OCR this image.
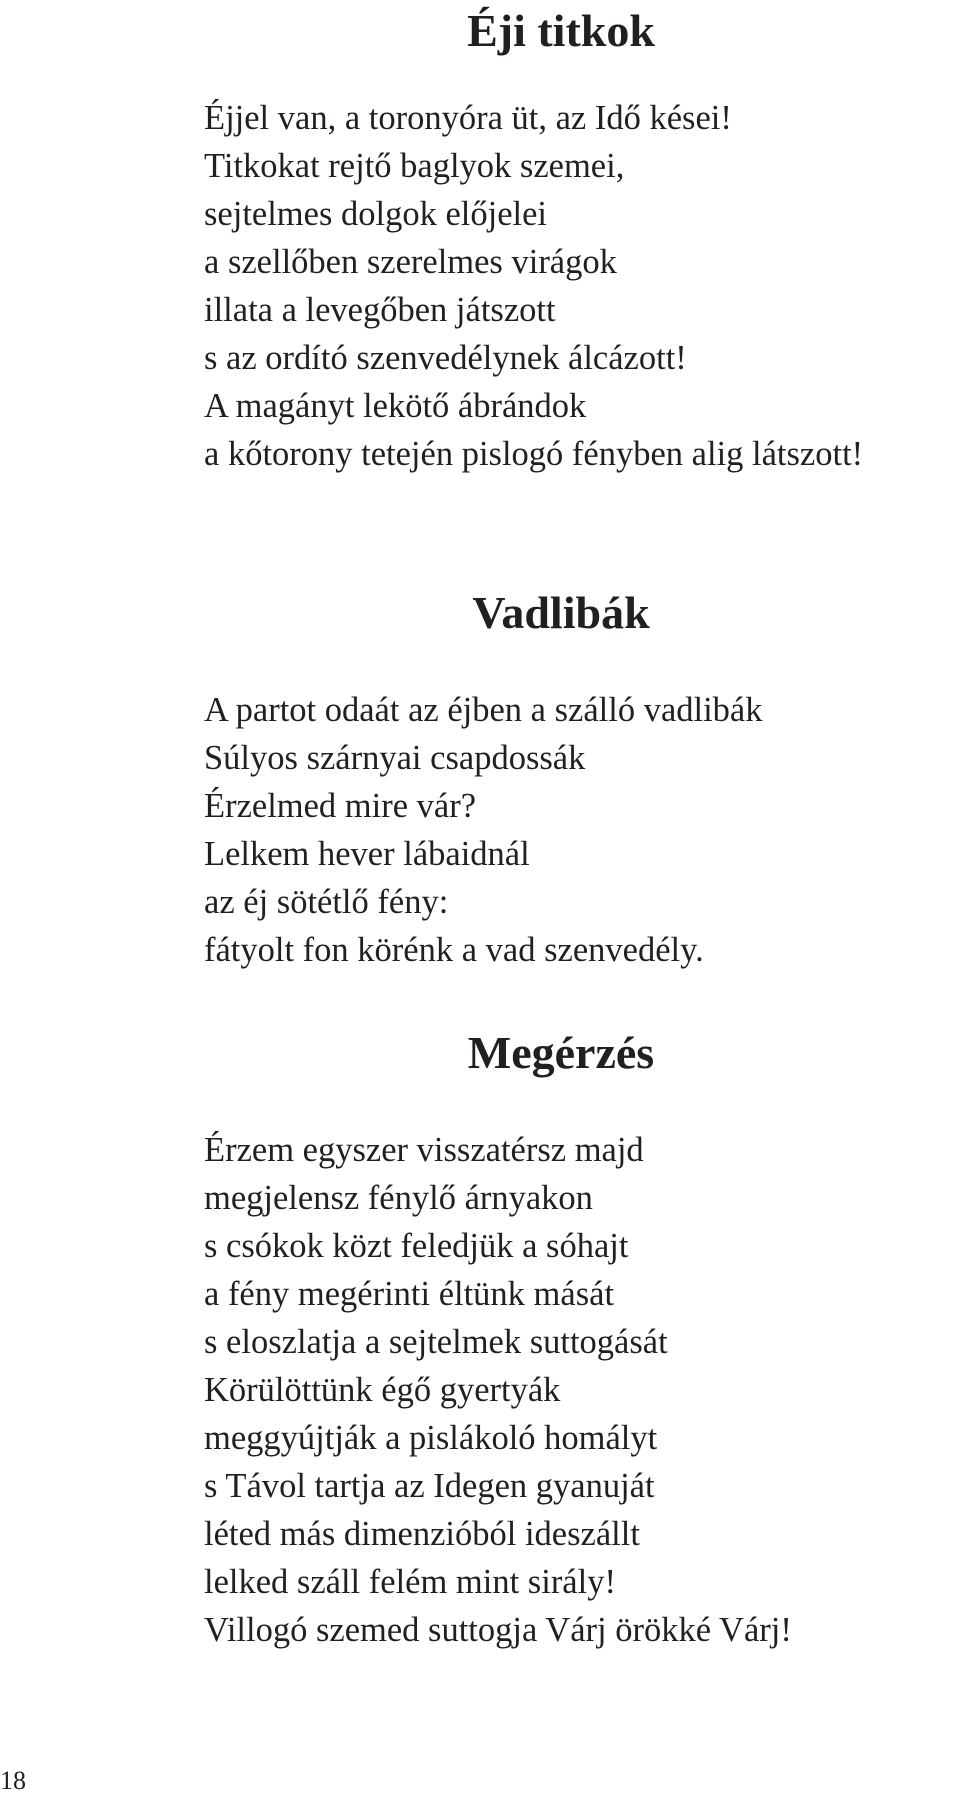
Éji titkok
Éjjel van, a toronyóra üt, az Idő kései!
Titkokat rejtő baglyok szemei,
sejtelmes dolgok előjelei
a szellőben szerelmes virágok
illata a levegőben játszott
s az ordító szenvedélynek álcázott!
A magányt lekötő ábrándok
a kőtorony tetején pislogó fényben alig látszott!
Vadlibák
A partot odaát az éjben a szálló vadlibák
Súlyos szárnyai csapdossák
Érzelmed mire vár?
Lelkem hever lábaidnál
az éj sötétlő fény:
fátyolt fon körénk a vad szenvedély.
Megérzés
Érzem egyszer visszatérsz majd
megjelensz fénylő árnyakon
s csókok közt feledjük a sóhajt
a fény megérinti éltünk mását
s eloszlatja a sejtelmek suttogását
Körülöttünk égő gyertyák
meggyújtják a pislákoló homályt
s Távol tartja az Idegen gyanuját
léted más dimenzióból ideszállt
lelked száll felém mint sirály!
Villogó szemed suttogja Várj örökké Várj!
18
